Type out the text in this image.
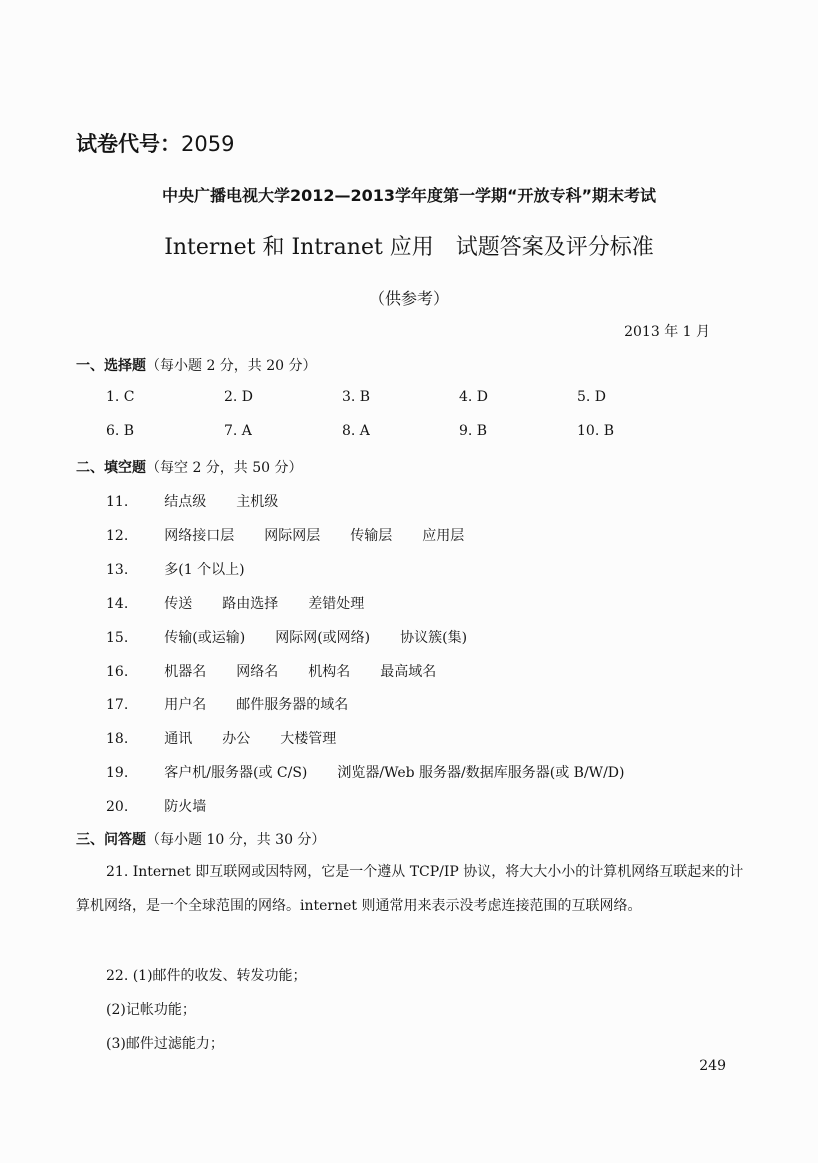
试卷代号：2059
中央广播电视大学2012—2013学年度第一学期“开放专科”期末考试
Internet 和 Intranet 应用　试题答案及评分标准
（供参考）
2013 年 1 月
一、选择题（每小题 2 分，共 20 分）
1. C	2. D	3. B	4. D	5. D
6. B	7. A	8. A	9. B	10. B
二、填空题（每空 2 分，共 50 分）
11.	结点级 主机级
12.	网络接口层 网际网层 传输层 应用层
13.	多(1 个以上)
14.	传送 路由选择 差错处理
15.	传输(或运输) 网际网(或网络) 协议簇(集)
16.	机器名 网络名 机构名 最高域名
17.	用户名 邮件服务器的域名
18.	通讯 办公 大楼管理
19.	客户机/服务器(或 C/S) 浏览器/Web 服务器/数据库服务器(或 B/W/D)
20.	防火墙
三、问答题（每小题 10 分，共 30 分）
21. Internet 即互联网或因特网，它是一个遵从 TCP/IP 协议，将大大小小的计算机网络互联起来的计算机网络，是一个全球范围的网络。internet 则通常用来表示没考虑连接范围的互联网络。
22. (1)邮件的收发、转发功能；
(2)记帐功能；
(3)邮件过滤能力；
249
